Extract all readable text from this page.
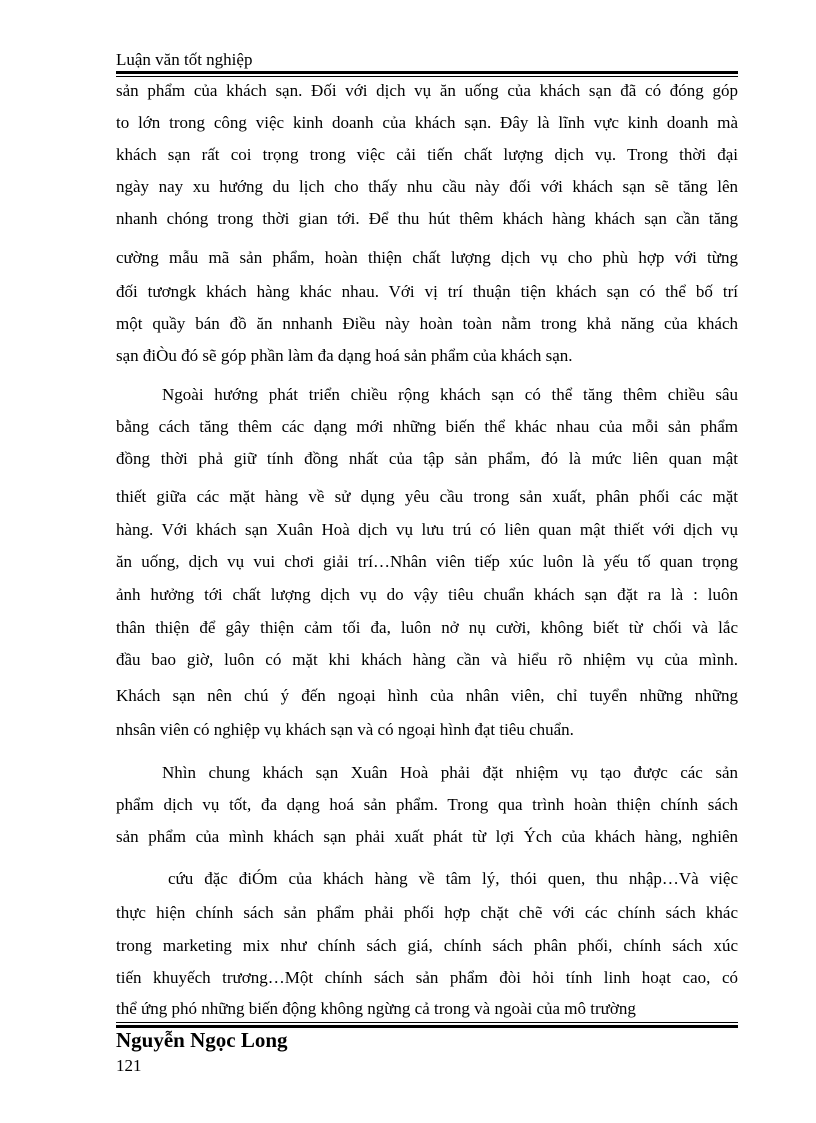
Luận văn tốt nghiệp
sản phẩm của khách sạn. Đối với dịch vụ ăn uống của khách sạn đã có đóng góp
to lớn trong công việc kinh doanh của khách sạn. Đây là lĩnh vực kinh doanh mà
khách sạn rất coi trọng trong việc cải tiến chất lượng dịch vụ. Trong thời đại
ngày nay xu hướng du lịch cho thấy nhu cầu này đối với khách sạn sẽ tăng lên
nhanh chóng trong thời gian tới. Để thu hút thêm khách hàng khách sạn cần tăng
cường mẫu mã sản phẩm, hoàn thiện chất lượng dịch vụ cho phù hợp với từng
đối tươngk khách hàng khác nhau. Với vị trí thuận tiện khách sạn có thể bố trí
một quầy bán đồ ăn nnhanh Điều này hoàn toàn nằm trong khả năng của khách
sạn điÒu đó sẽ góp phần làm đa dạng hoá sản phẩm của khách sạn.
Ngoài hướng phát triển chiều rộng khách sạn có thể tăng thêm chiều sâu
bằng cách tăng thêm các dạng mới những biến thể khác nhau của mỗi sản phẩm
đồng thời phả giữ tính đồng nhất của tập sản phẩm, đó là mức liên quan mật
thiết giữa các mặt hàng về sử dụng yêu cầu trong sản xuất, phân phối các mặt
hàng. Với khách sạn Xuân Hoà dịch vụ lưu trú có liên quan mật thiết với dịch vụ
ăn uống, dịch vụ vui chơi giải trí…Nhân viên tiếp xúc luôn là yếu tố quan trọng
ảnh hưởng tới chất lượng dịch vụ do vậy tiêu chuẩn khách sạn đặt ra là : luôn
thân thiện để gây thiện cảm tối đa, luôn nở nụ cười, không biết từ chối và lắc
đầu bao giờ, luôn có mặt khi khách hàng cần và hiểu rõ nhiệm vụ của mình.
Khách sạn nên chú ý đến ngoại hình của nhân viên, chỉ tuyển những những
nhsân viên có nghiệp vụ khách sạn và có ngoại hình đạt tiêu chuẩn.
Nhìn chung khách sạn Xuân Hoà phải đặt nhiệm vụ tạo được các sản
phẩm dịch vụ tốt, đa dạng hoá sản phẩm. Trong qua trình hoàn thiện chính sách
sản phẩm của mình khách sạn phải xuất phát từ lợi Ých của khách hàng, nghiên
cứu đặc điÓm của khách hàng về tâm lý, thói quen, thu nhập…Và việc
thực hiện chính sách sản phẩm phải phối hợp chặt chẽ với các chính sách khác
trong marketing mix như chính sách giá, chính sách phân phối, chính sách xúc
tiến khuyếch trương…Một chính sách sản phẩm đòi hỏi tính linh hoạt cao, có
thể ứng phó những biến động không ngừng cả trong và ngoài của mô trường
Nguyễn Ngọc Long
121
